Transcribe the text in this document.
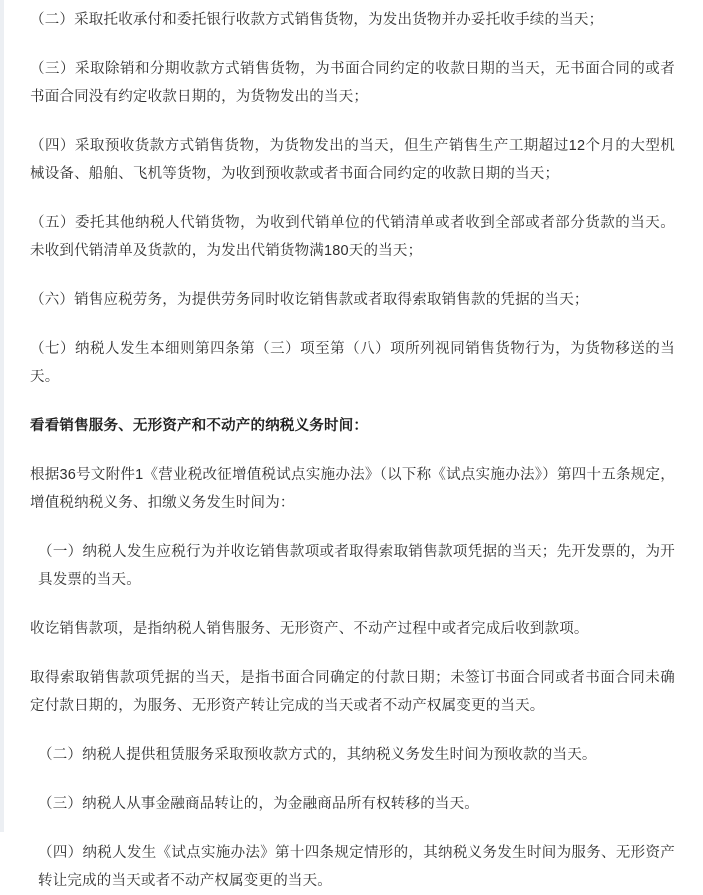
（二）采取托收承付和委托银行收款方式销售货物，为发出货物并办妥托收手续的当天；

（三）采取除销和分期收款方式销售货物，为书面合同约定的收款日期的当天，无书面合同的或者书面合同没有约定收款日期的，为货物发出的当天；

（四）采取预收货款方式销售货物，为货物发出的当天，但生产销售生产工期超过12个月的大型机械设备、船舶、飞机等货物，为收到预收款或者书面合同约定的收款日期的当天；

（五）委托其他纳税人代销货物，为收到代销单位的代销清单或者收到全部或者部分货款的当天。未收到代销清单及货款的，为发出代销货物满180天的当天；

（六）销售应税劳务，为提供劳务同时收讫销售款或者取得索取销售款的凭据的当天；

（七）纳税人发生本细则第四条第（三）项至第（八）项所列视同销售货物行为，为货物移送的当天。

看看销售服务、无形资产和不动产的纳税义务时间：

根据36号文附件1《营业税改征增值税试点实施办法》（以下称《试点实施办法》）第四十五条规定，增值税纳税义务、扣缴义务发生时间为：

（一）纳税人发生应税行为并收讫销售款项或者取得索取销售款项凭据的当天；先开发票的，为开具发票的当天。

收讫销售款项，是指纳税人销售服务、无形资产、不动产过程中或者完成后收到款项。

取得索取销售款项凭据的当天，是指书面合同确定的付款日期；未签订书面合同或者书面合同未确定付款日期的，为服务、无形资产转让完成的当天或者不动产权属变更的当天。

（二）纳税人提供租赁服务采取预收款方式的，其纳税义务发生时间为预收款的当天。

（三）纳税人从事金融商品转让的，为金融商品所有权转移的当天。

（四）纳税人发生《试点实施办法》第十四条规定情形的，其纳税义务发生时间为服务、无形资产转让完成的当天或者不动产权属变更的当天。
